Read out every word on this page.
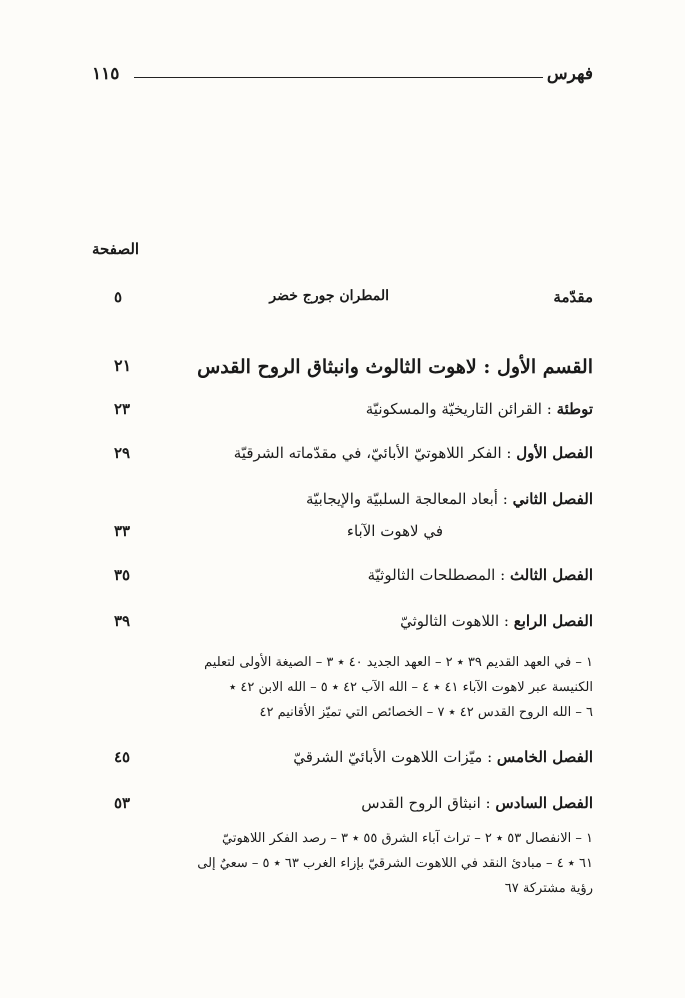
فهرس
١١٥
الصفحة
مقدّمة
المطران جورج خضر
٥
القسم الأول : لاهوت الثالوث وانبثاق الروح القدس
٢١
توطئة : القرائن التاريخيّة والمسكونيّة
٢٣
الفصل الأول : الفكر اللاهوتيّ الأبائيّ، في مقدّماته الشرقيّة
٢٩
الفصل الثاني : أبعاد المعالجة السلبيّة والإيجابيّة
في لاهوت الآباء
٣٣
الفصل الثالث : المصطلحات الثالوثيّة
٣٥
الفصل الرابع : اللاهوت الثالوثيّ
٣٩
١ – في العهد القديم ٣٩ ٭ ٢ – العهد الجديد ٤٠ ٭ ٣ – الصيغة الأولى لتعليم
الكنيسة عبر لاهوت الآباء ٤١ ٭ ٤ – الله الآب ٤٢ ٭ ٥ – الله الابن ٤٢ ٭
٦ – الله الروح القدس ٤٢ ٭ ٧ – الخصائص التي تميّز الأقانيم ٤٢
الفصل الخامس : ميّزات اللاهوت الأبائيّ الشرقيّ
٤٥
الفصل السادس : انبثاق الروح القدس
٥٣
١ – الانفصال ٥٣ ٭ ٢ – تراث آباء الشرق ٥٥ ٭ ٣ – رصد الفكر اللاهوتيّ
٦١ ٭ ٤ – مبادئ النقد في اللاهوت الشرقيّ بإزاء الغرب ٦٣ ٭ ٥ – سعيٌ إلى
رؤية مشتركة ٦٧
